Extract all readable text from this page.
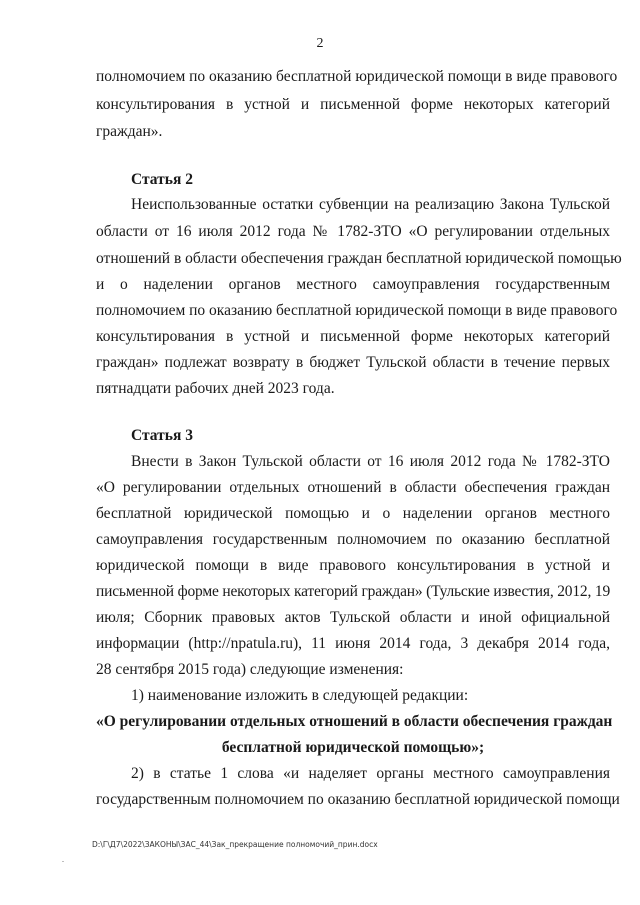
2
полномочием по оказанию бесплатной юридической помощи в виде правового
консультирования в устной и письменной форме некоторых категорий
граждан».
Статья 2
Неиспользованные остатки субвенции на реализацию Закона Тульской
области от 16 июля 2012 года № 1782-ЗТО «О регулировании отдельных
отношений в области обеспечения граждан бесплатной юридической помощью
и о наделении органов местного самоуправления государственным
полномочием по оказанию бесплатной юридической помощи в виде правового
консультирования в устной и письменной форме некоторых категорий
граждан» подлежат возврату в бюджет Тульской области в течение первых
пятнадцати рабочих дней 2023 года.
Статья 3
Внести в Закон Тульской области от 16 июля 2012 года № 1782-ЗТО
«О регулировании отдельных отношений в области обеспечения граждан
бесплатной юридической помощью и о наделении органов местного
самоуправления государственным полномочием по оказанию бесплатной
юридической помощи в виде правового консультирования в устной и
письменной форме некоторых категорий граждан» (Тульские известия, 2012, 19
июля; Сборник правовых актов Тульской области и иной официальной
информации (http://npatula.ru), 11 июня 2014 года, 3 декабря 2014 года,
28 сентября 2015 года) следующие изменения:
1) наименование изложить в следующей редакции:
«О регулировании отдельных отношений в области обеспечения граждан
бесплатной юридической помощью»;
2) в статье 1 слова «и наделяет органы местного самоуправления
государственным полномочием по оказанию бесплатной юридической помощи
D:\Г\Д7\2022\ЗАКОНЫ\ЗАС_44\Зак_прекращение полномочий_прин.docx
.
